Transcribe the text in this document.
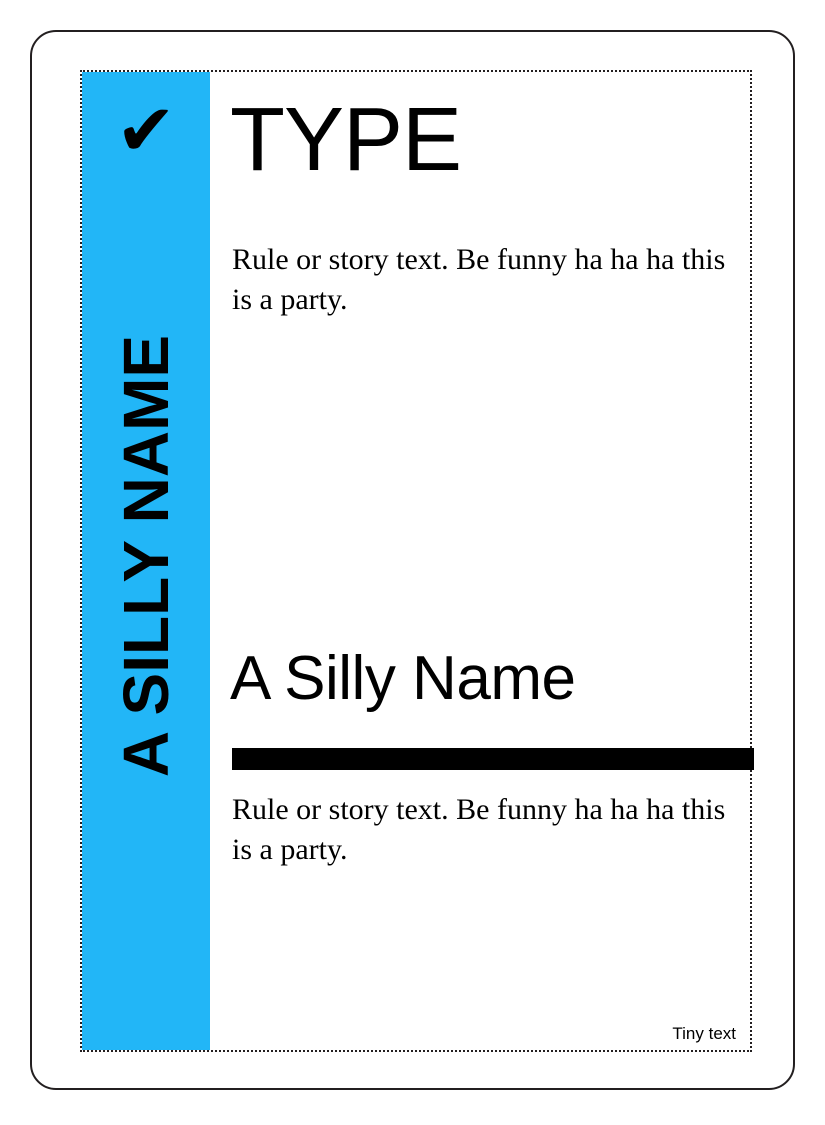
✔
A SILLY NAME
TYPE
Rule or story text. Be funny ha ha ha this is a party.
A Silly Name
Rule or story text. Be funny ha ha ha this is a party.
Tiny text
